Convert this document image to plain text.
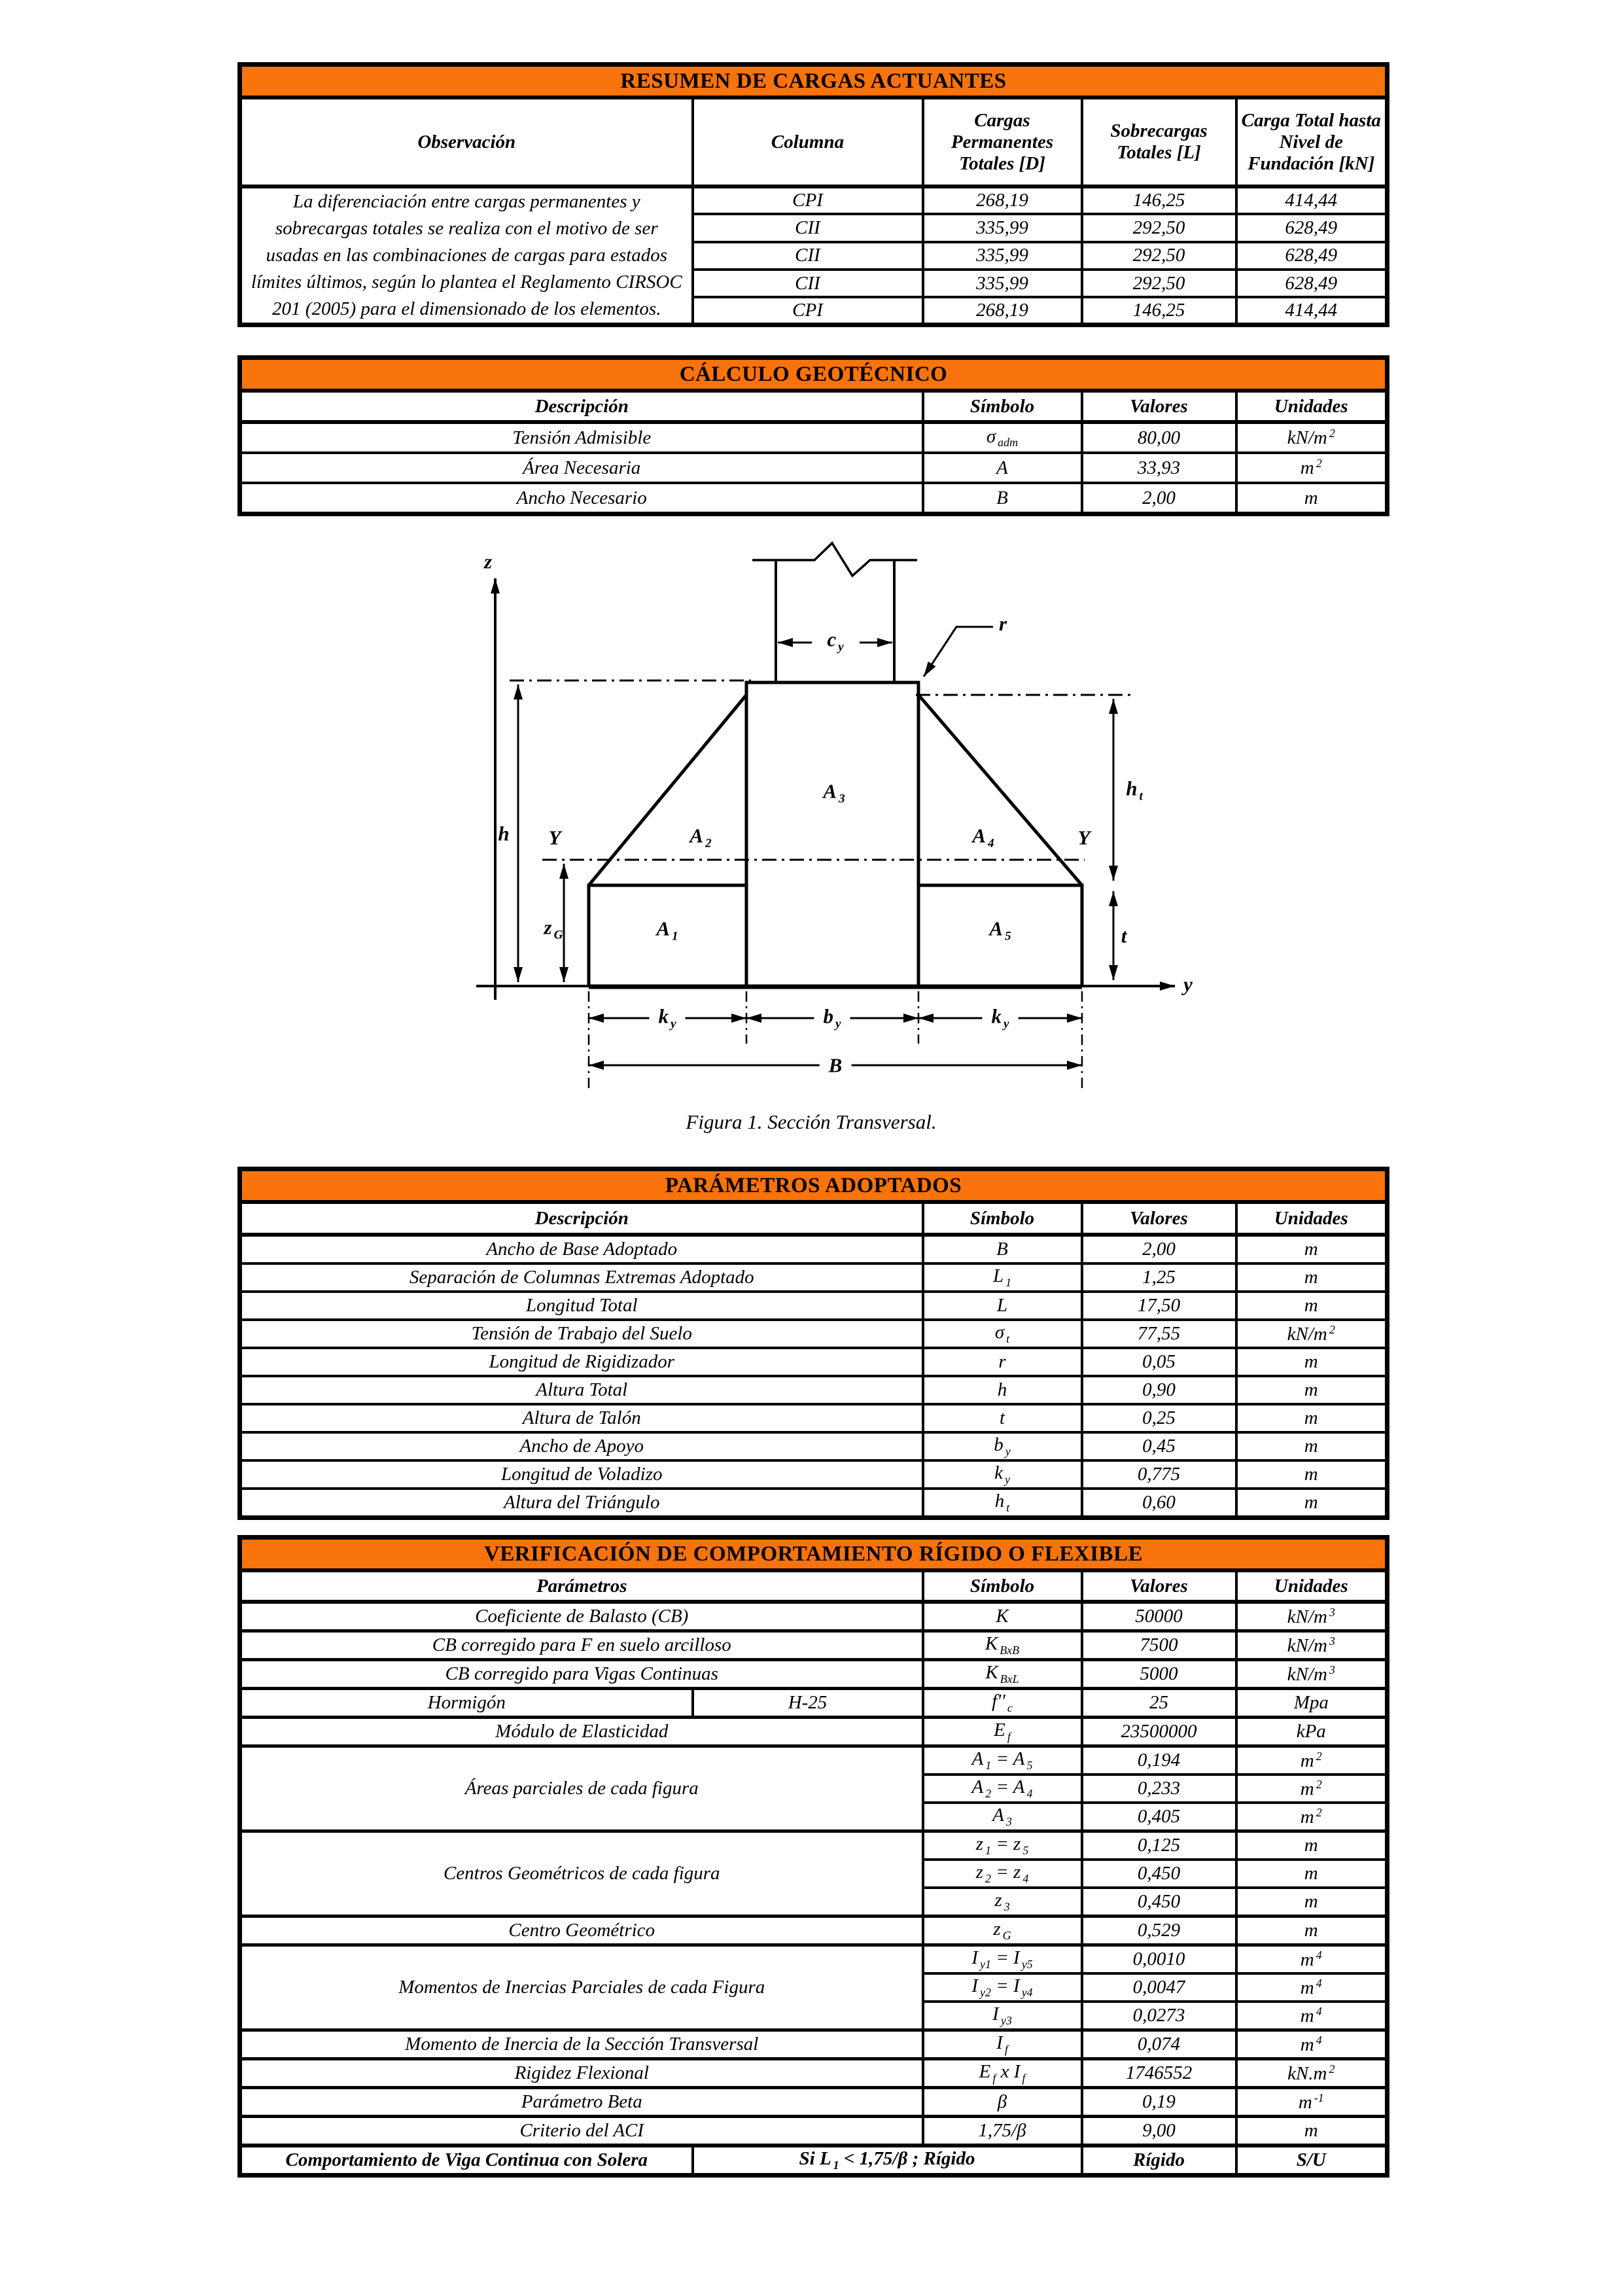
RESUMEN DE CARGAS ACTUANTES				
Observación	Columna	Cargas Permanentes Totales [D]	Sobrecargas Totales [L]	Carga Total hasta Nivel de Fundación [kN]
La diferenciación entre cargas permanentes y sobrecargas totales se realiza con el motivo de ser usadas en las combinaciones de cargas para estados límites últimos, según lo plantea el Reglamento CIRSOC 201 (2005) para el dimensionado de los elementos.	CPI	268,19	146,25	414,44
	CII	335,99	292,50	628,49
	CII	335,99	292,50	628,49
	CII	335,99	292,50	628,49
	CPI	268,19	146,25	414,44
CÁLCULO GEOTÉCNICO			
Descripción	Símbolo	Valores	Unidades
Tensión Admisible	σ $_{adm}$	80,00	kN/m $^2$
Área Necesaria	A	33,93	m $^2$
Ancho Necesario	B	2,00	m
z
y
c $_y$
r
h Y	Y
z $_G$
h $_t$
t
A $_1$
A $_2$
A $_3$
A $_4$
A $_5$
k $_y$	b $_y$	k $_y$
B
Figura 1. Sección Transversal.
PARÁMETROS ADOPTADOS			
Descripción	Símbolo	Valores	Unidades
Ancho de Base Adoptado	B	2,00	m
Separación de Columnas Extremas Adoptado	L $_1$	1,25	m
Longitud Total	L	17,50	m
Tensión de Trabajo del Suelo	σ $_t$	77,55	kN/m $^2$
Longitud de Rigidizador	r	0,05	m
Altura Total	h	0,90	m
Altura de Talón	t	0,25	m
Ancho de Apoyo	b $_y$	0,45	m
Longitud de Voladizo	k $_y$	0,775	m
Altura del Triángulo	h $_t$	0,60	m
VERIFICACIÓN DE COMPORTAMIENTO RÍGIDO O FLEXIBLE				
Parámetros		Símbolo	Valores	Unidades
Coeficiente de Balasto (CB)		K	50000	kN/m $^3$
CB corregido para F en suelo arcilloso		K $_{BxB}$	7500	kN/m $^3$
CB corregido para Vigas Continuas		K $_{BxL}$	5000	kN/m $^3$
Hormigón	H-25	f′′ $_c$	25	Mpa
Módulo de Elasticidad		E $_f$	23500000	kPa
Áreas parciales de cada figura		A $_1$ = A $_5$	0,194	m $^2$
		A $_2$ = A $_4$	0,233	m $^2$
		A $_3$	0,405	m $^2$
Centros Geométricos de cada figura		z $_1$ = z $_5$	0,125	m
		z $_2$ = z $_4$	0,450	m
		z $_3$	0,450	m
Centro Geométrico		z $_G$	0,529	m
Momentos de Inercias Parciales de cada Figura		I $_{y1}$ = I $_{y5}$	0,0010	m $^4$
		I $_{y2}$ = I $_{y4}$	0,0047	m $^4$
		I $_{y3}$	0,0273	m $^4$
Momento de Inercia de la Sección Transversal		I $_f$	0,074	m $^4$
Rigidez Flexional		E $_f$ x I $_f$	1746552	kN.m $^2$
Parámetro Beta		β	0,19	m $^{-1}$
Criterio del ACI		1,75/β	9,00	m
Comportamiento de Viga Continua con Solera	Si L $_1$ < 1,75/β ; Rígido		Rígido	S/U
